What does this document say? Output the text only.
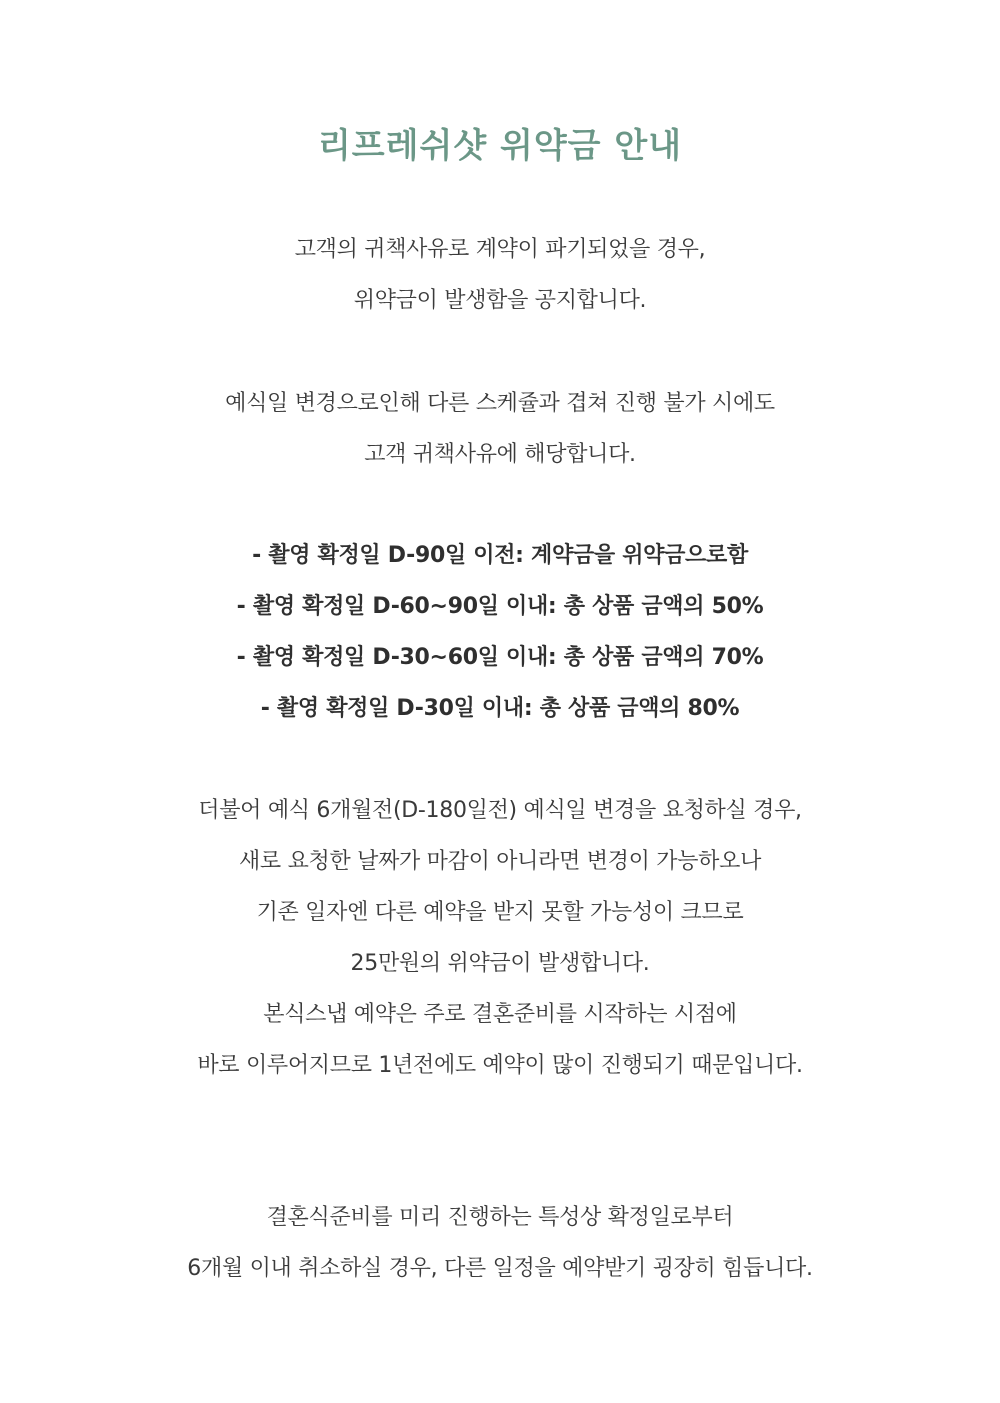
리프레쉬샷 위약금 안내
고객의 귀책사유로 계약이 파기되었을 경우,
위약금이 발생함을 공지합니다.
예식일 변경으로인해 다른 스케쥴과 겹쳐 진행 불가 시에도
고객 귀책사유에 해당합니다.
- 촬영 확정일 D-90일 이전: 계약금을 위약금으로함
- 촬영 확정일 D-60~90일 이내: 총 상품 금액의 50%
- 촬영 확정일 D-30~60일 이내: 총 상품 금액의 70%
- 촬영 확정일 D-30일 이내: 총 상품 금액의 80%
더불어 예식 6개월전(D-180일전) 예식일 변경을 요청하실 경우,
새로 요청한 날짜가 마감이 아니라면 변경이 가능하오나
기존 일자엔 다른 예약을 받지 못할 가능성이 크므로
25만원의 위약금이 발생합니다.
본식스냅 예약은 주로 결혼준비를 시작하는 시점에
바로 이루어지므로 1년전에도 예약이 많이 진행되기 때문입니다.
결혼식준비를 미리 진행하는 특성상 확정일로부터
6개월 이내 취소하실 경우, 다른 일정을 예약받기 굉장히 힘듭니다.
